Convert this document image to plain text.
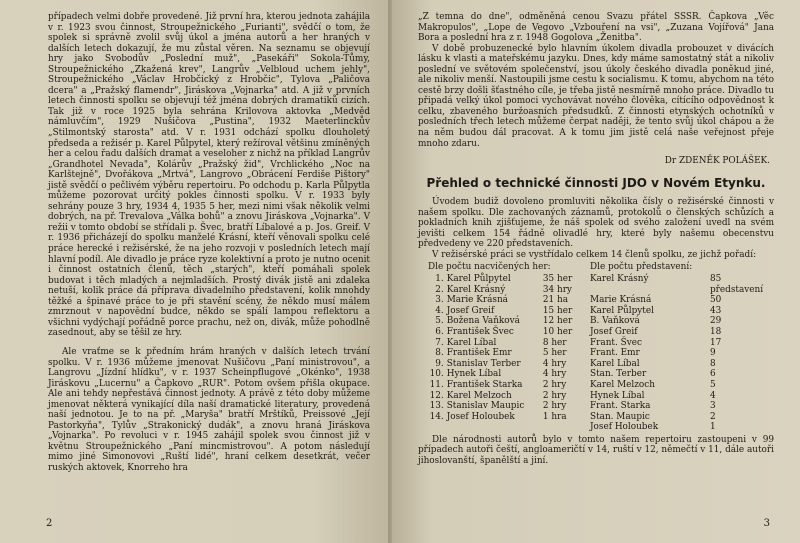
případech velmi dobře provedené. Již první hra, kterou jednota zahájila v r. 1923 svou činnost, Stroupežnického „Furianti", svědčí o tom, že spolek si správně zvolil svůj úkol a jména autorů a her hraných v dalších letech dokazují, že mu zůstal věren. Na seznamu se objevují hry jako Svobodův „Poslední muž", „Pasekáři" Sokola-Tůmy, Stroupežnického „Zkažená krev", Langrův „Velbloud uchem jehly", Stroupežnického „Václav Hrobčický z Hrobčic", Tylova „Paličova dcera" a „Pražský flamendr", Jiráskova „Vojnarka" atd. A již v prvních letech činnosti spolku se objevují též jména dobrých dramatiků cizích. Tak již v roce 1925 byla sehrána Krilovova aktovka „Medvěd námluvčím", 1929 Nušičova „Pustina", 1932 Maeterlinckův „Stilmontský starosta" atd. V r. 1931 odchází spolku dlouholetý předseda a režisér p. Karel Půlpytel, který režíroval většinu zmíněných her a celou řadu dalších dramat a veseloher z nichž na příklad Langrův „Grandhotel Nevada", Kolárův „Pražský žid", Vrchlického „Noc na Karlštejně", Dvořákova „Mrtvá", Langrovo „Obrácení Ferdiše Pištory" jistě svědčí o pečlivém výběru repertoiru. Po odchodu p. Karla Půlpytla můžeme pozorovat určitý pokles činnosti spolku. V r. 1933 byly sehrány pouze 3 hry, 1934 4, 1935 5 her, mezi nimi však několik velmi dobrých, na př. Trevalova „Válka bohů" a znovu Jiráskova „Vojnarka". V režii v tomto období se střídali p. Švec, bratří Líbalové a p. Jos. Greif. V r. 1936 přicházejí do spolku manželé Krásní, kteří věnovali spolku celé práce herecké i režisérské, že na jeho rozvoji v posledních letech mají hlavní podíl. Ale divadlo je práce ryze kolektivní a proto je nutno ocenit i činnost ostatních členů, těch „starých", kteří pomáhali spolek budovat i těch mladých a nejmladších. Prostý divák jistě ani zdaleka netuší, kolik práce dá příprava divadelního představení, kolik mnohdy těžké a špinavé práce to je při stavění scény, že někdo musí málem zmrznout v napovědní budce, někdo se spálí lampou reflektoru a všichni vydýchají pořádně porce prachu, než on, divák, může pohodlně zasednout, aby se těšil ze hry.

Ale vraťme se k předním hrám hraných v dalších letech trvání spolku. V r. 1936 můžeme jmenovat Nušičovu „Paní ministrovou", a Langrovu „Jízdní hlídku", v r. 1937 Scheinpflugové „Okénko", 1938 Jiráskovu „Lucernu" a Čapkovo „RUR". Potom ovšem přišla okupace. Ale ani tehdy nepřestává činnost jednoty. A právě z této doby můžeme jmenovat některá vynikající díla naší dramatické literatury, provedená naší jednotou. Je to na př. „Maryša" bratří Mrštíků, Preissové „Její Pastorkyňa", Tylův „Strakonický dudák", a znovu hraná Jiráskova „Vojnarka". Po revoluci v r. 1945 zahájil spolek svou činnost již v květnu Stroupežnického „Paní mincmistrovou". A potom následují mimo jiné Simonovovi „Ruští lidé", hraní celkem desetkrát, večer ruských aktovek, Knorreho hra

2

„Z temna do dne", odměněná cenou Svazu přátel SSSR. Čapkova „Věc Makropulos", „Lope de Vegovo „Vzbouření na vsi", „Zuzana Vojířová" Jana Bora a poslední hra z r. 1948 Gogolova „Ženitba".

V době probuzenecké bylo hlavním úkolem divadla probouzet v divácích lásku k vlasti a mateřskému jazyku. Dnes, kdy máme samostatný stát a nikoliv poslední ve světovém společenství, jsou úkoly českého divadla poněkud jiné, ale nikoliv menší. Nastoupili jsme cestu k socialismu. K tomu, abychom na této cestě brzy došli šťastného cíle, je třeba jistě nesmírně mnoho práce. Divadlo tu připadá velký úkol pomoci vychovávat nového člověka, cítícího odpovědnost k celku, zbaveného buržoasních předsudků. Z činnosti etynských ochotníků v posledních třech letech můžeme čerpat naději, že tento svůj úkol chápou a že na něm budou dál pracovat. A k tomu jim jistě celá naše veřejnost přeje mnoho zdaru.

Dr ZDENĚK POLÁŠEK.
Přehled o technické činnosti JDO v Novém Etynku.

Úvodem budiž dovoleno promluviti několika čísly o režisérské činnosti v našem spolku. Dle zachovaných záznamů, protokolů o členských schůzích a pokladních knih zjišťujeme, že náš spolek od svého založení uvedl na svém jevišti celkem 154 řádně olivadlé hry, které byly našemu obecenstvu předvedeny ve 220 představeních.

V režisérské práci se vystřídalo celkem 14 členů spolku, ze jichž pořadí:

Dle počtu nacvičených her:
1. Karel Půlpytel	35 her
2. Karel Krásný	34 hry
3. Marie Krásná	21 ha
4. Josef Greif	15 her
5. Božena Vaňková	12 her
6. František Švec	10 her
7. Karel Líbal	8 her
8. František Emr	5 her
9. Stanislav Terber	4 hry
10. Hynek Líbal	4 hry
11. František Starka	2 hry
12. Karel Melzoch	2 hry
13. Stanislav Maupic	2 hry
14. Josef Holoubek	1 hra
Dle počtu představení:
Karel Krásný	85 představení
Marie Krásná	50
Karel Půlpytel	43
B. Vaňková	29
Josef Greif	18
Frant. Švec	17
Frant. Emr	9
Karel Líbal	8
Stan. Terber	6
Karel Melzoch	5
Hynek Líbal	4
Frant. Starka	3
Stan. Maupic	2
Josef Holoubek	1

Dle národnosti autorů bylo v tomto našem repertoiru zastoupeni v 99 případech autoři čeští, angloameričtí v 14, ruští v 12, němečtí v 11, dále autoři jihoslovanští, španělští a jiní.

3
